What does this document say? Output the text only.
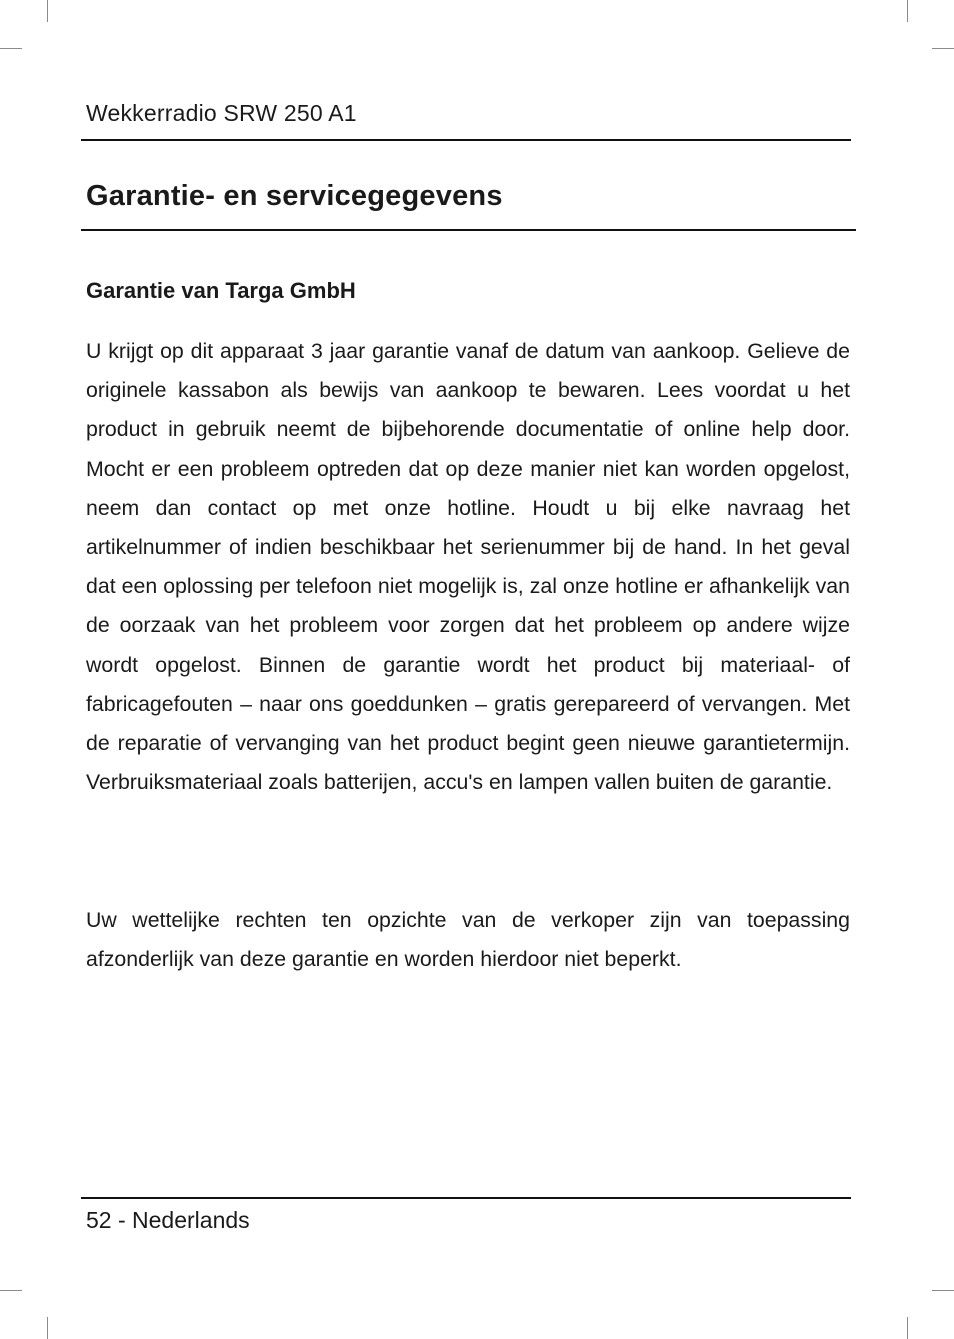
Wekkerradio SRW 250 A1
Garantie- en servicegegevens
Garantie van Targa GmbH

U krijgt op dit apparaat 3 jaar garantie vanaf de datum van aankoop. Gelieve de originele kassabon als bewijs van aankoop te bewaren. Lees voordat u het product in gebruik neemt de bijbehorende documentatie of online help door. Mocht er een probleem optreden dat op deze manier niet kan worden opgelost, neem dan contact op met onze hotline. Houdt u bij elke navraag het artikelnummer of indien beschikbaar het serienummer bij de hand. In het geval dat een oplossing per telefoon niet mogelijk is, zal onze hotline er afhankelijk van de oorzaak van het probleem voor zorgen dat het probleem op andere wijze wordt opgelost. Binnen de garantie wordt het product bij materiaal- of fabricagefouten – naar ons goeddunken – gratis gerepareerd of vervangen. Met de reparatie of vervanging van het product begint geen nieuwe garantietermijn. Verbruiksmateriaal zoals batterijen, accu's en lampen vallen buiten de garantie.

Uw wettelijke rechten ten opzichte van de verkoper zijn van toepassing afzonderlijk van deze garantie en worden hierdoor niet beperkt.

52 - Nederlands
